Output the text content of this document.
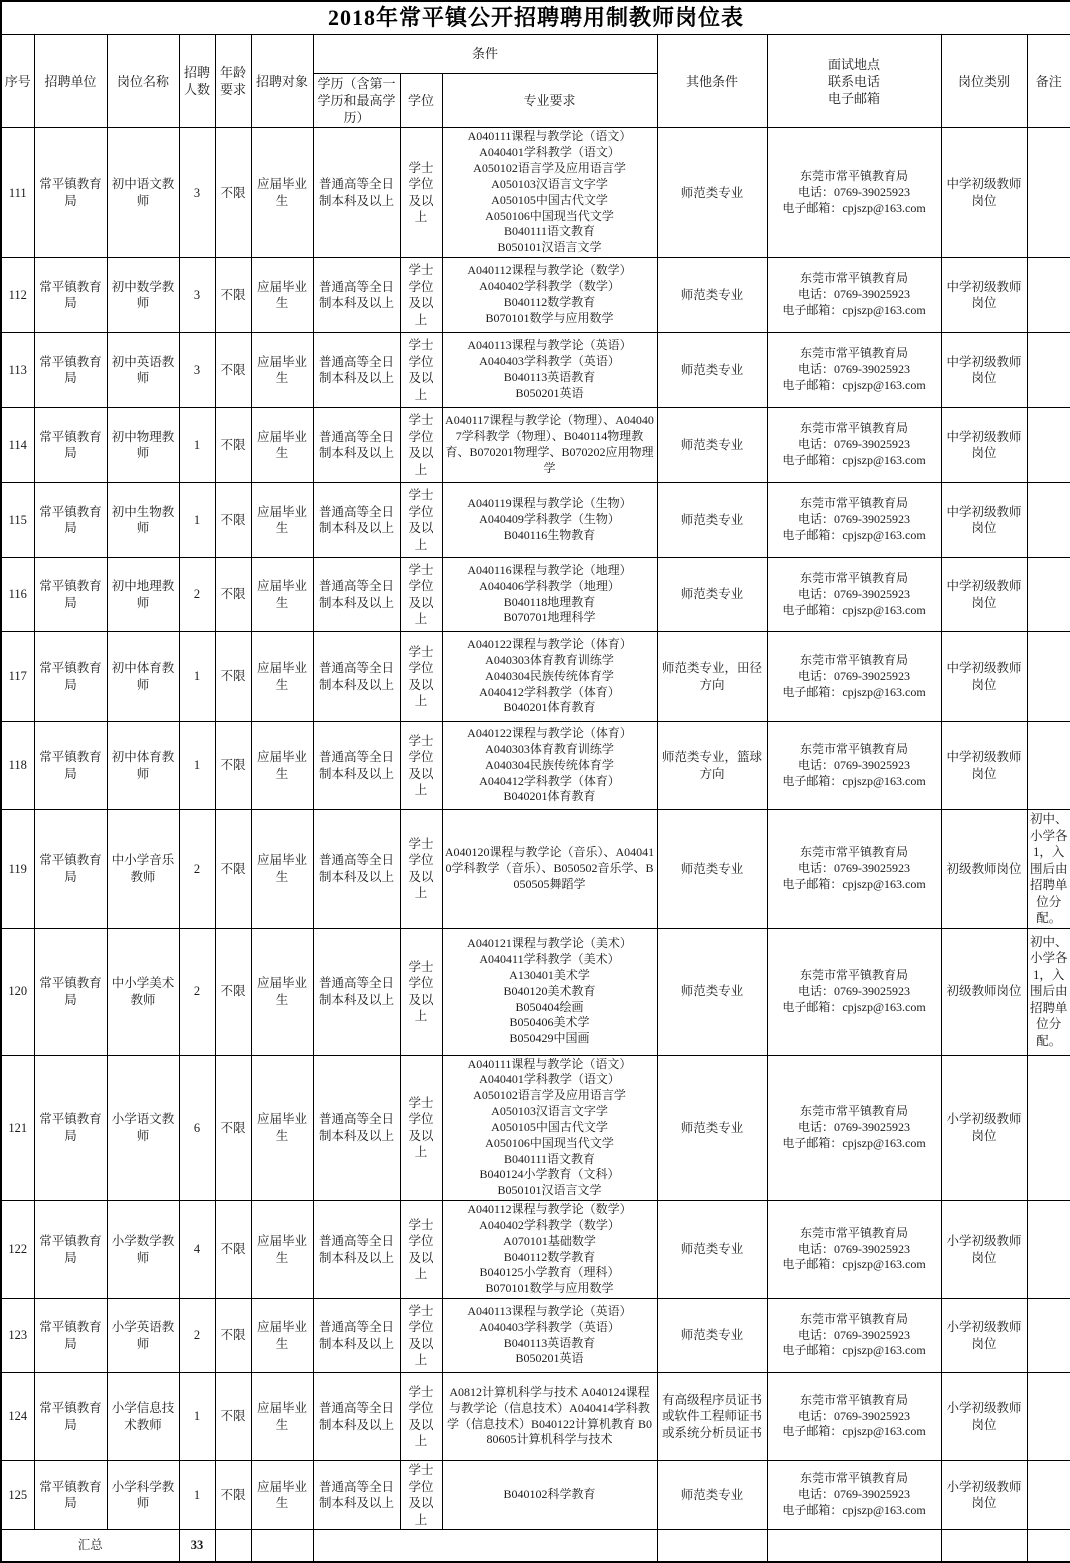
2018年常平镇公开招聘聘用制教师岗位表												
序号	招聘单位	岗位名称	招聘人数	年龄要求	招聘对象	条件			其他条件	面试地点
联系电话
电子邮箱	岗位类别	备注
						学历（含第一学历和最高学历）	学位	专业要求				
111	常平镇教育局	初中语文教师	3	不限	应届毕业生	普通高等全日制本科及以上	学士学位及以上	A040111课程与教学论（语文）
A040401学科教学（语文）
A050102语言学及应用语言学
A050103汉语言文字学
A050105中国古代文学
A050106中国现当代文学
B040111语文教育
B050101汉语言文学	师范类专业	东莞市常平镇教育局
电话：0769-39025923
电子邮箱：cpjszp@163.com	中学初级教师岗位	
112	常平镇教育局	初中数学教师	3	不限	应届毕业生	普通高等全日制本科及以上	学士学位及以上	A040112课程与教学论（数学）
A040402学科教学（数学）
B040112数学教育
B070101数学与应用数学	师范类专业	东莞市常平镇教育局
电话：0769-39025923
电子邮箱：cpjszp@163.com	中学初级教师岗位	
113	常平镇教育局	初中英语教师	3	不限	应届毕业生	普通高等全日制本科及以上	学士学位及以上	A040113课程与教学论（英语）
A040403学科教学（英语）
B040113英语教育
B050201英语	师范类专业	东莞市常平镇教育局
电话：0769-39025923
电子邮箱：cpjszp@163.com	中学初级教师岗位	
114	常平镇教育局	初中物理教师	1	不限	应届毕业生	普通高等全日制本科及以上	学士学位及以上	A040117课程与教学论（物理）、A040407学科教学（物理）、B040114物理教育、B070201物理学、B070202应用物理学	师范类专业	东莞市常平镇教育局
电话：0769-39025923
电子邮箱：cpjszp@163.com	中学初级教师岗位	
115	常平镇教育局	初中生物教师	1	不限	应届毕业生	普通高等全日制本科及以上	学士学位及以上	A040119课程与教学论（生物）
A040409学科教学（生物）
B040116生物教育	师范类专业	东莞市常平镇教育局
电话：0769-39025923
电子邮箱：cpjszp@163.com	中学初级教师岗位	
116	常平镇教育局	初中地理教师	2	不限	应届毕业生	普通高等全日制本科及以上	学士学位及以上	A040116课程与教学论（地理）
A040406学科教学（地理）
B040118地理教育
B070701地理科学	师范类专业	东莞市常平镇教育局
电话：0769-39025923
电子邮箱：cpjszp@163.com	中学初级教师岗位	
117	常平镇教育局	初中体育教师	1	不限	应届毕业生	普通高等全日制本科及以上	学士学位及以上	A040122课程与教学论（体育）
A040303体育教育训练学
A040304民族传统体育学
A040412学科教学（体育）
B040201体育教育	师范类专业，田径方向	东莞市常平镇教育局
电话：0769-39025923
电子邮箱：cpjszp@163.com	中学初级教师岗位	
118	常平镇教育局	初中体育教师	1	不限	应届毕业生	普通高等全日制本科及以上	学士学位及以上	A040122课程与教学论（体育）
A040303体育教育训练学
A040304民族传统体育学
A040412学科教学（体育）
B040201体育教育	师范类专业，篮球方向	东莞市常平镇教育局
电话：0769-39025923
电子邮箱：cpjszp@163.com	中学初级教师岗位	
119	常平镇教育局	中小学音乐教师	2	不限	应届毕业生	普通高等全日制本科及以上	学士学位及以上	A040120课程与教学论（音乐）、A040410学科教学（音乐）、B050502音乐学、B050505舞蹈学	师范类专业	东莞市常平镇教育局
电话：0769-39025923
电子邮箱：cpjszp@163.com	初级教师岗位	初中、小学各1，入围后由招聘单位分配。
120	常平镇教育局	中小学美术教师	2	不限	应届毕业生	普通高等全日制本科及以上	学士学位及以上	A040121课程与教学论（美术）
A040411学科教学（美术）
A130401美术学
B040120美术教育
B050404绘画
B050406美术学
B050429中国画	师范类专业	东莞市常平镇教育局
电话：0769-39025923
电子邮箱：cpjszp@163.com	初级教师岗位	初中、小学各1，入围后由招聘单位分配。
121	常平镇教育局	小学语文教师	6	不限	应届毕业生	普通高等全日制本科及以上	学士学位及以上	A040111课程与教学论（语文）
A040401学科教学（语文）
A050102语言学及应用语言学
A050103汉语言文字学
A050105中国古代文学
A050106中国现当代文学
B040111语文教育
B040124小学教育（文科）
B050101汉语言文学	师范类专业	东莞市常平镇教育局
电话：0769-39025923
电子邮箱：cpjszp@163.com	小学初级教师岗位	
122	常平镇教育局	小学数学教师	4	不限	应届毕业生	普通高等全日制本科及以上	学士学位及以上	A040112课程与教学论（数学）
A040402学科教学（数学）
A070101基础数学
B040112数学教育
B040125小学教育（理科）
B070101数学与应用数学	师范类专业	东莞市常平镇教育局
电话：0769-39025923
电子邮箱：cpjszp@163.com	小学初级教师岗位	
123	常平镇教育局	小学英语教师	2	不限	应届毕业生	普通高等全日制本科及以上	学士学位及以上	A040113课程与教学论（英语）
A040403学科教学（英语）
B040113英语教育
B050201英语	师范类专业	东莞市常平镇教育局
电话：0769-39025923
电子邮箱：cpjszp@163.com	小学初级教师岗位	
124	常平镇教育局	小学信息技术教师	1	不限	应届毕业生	普通高等全日制本科及以上	学士学位及以上	A0812计算机科学与技术 A040124课程与教学论（信息技术）A040414学科教学（信息技术）B040122计算机教育 B080605计算机科学与技术	有高级程序员证书或软件工程师证书或系统分析员证书	东莞市常平镇教育局
电话：0769-39025923
电子邮箱：cpjszp@163.com	小学初级教师岗位	
125	常平镇教育局	小学科学教师	1	不限	应届毕业生	普通高等全日制本科及以上	学士学位及以上	B040102科学教育	师范类专业	东莞市常平镇教育局
电话：0769-39025923
电子邮箱：cpjszp@163.com	小学初级教师岗位	
汇总			33									
